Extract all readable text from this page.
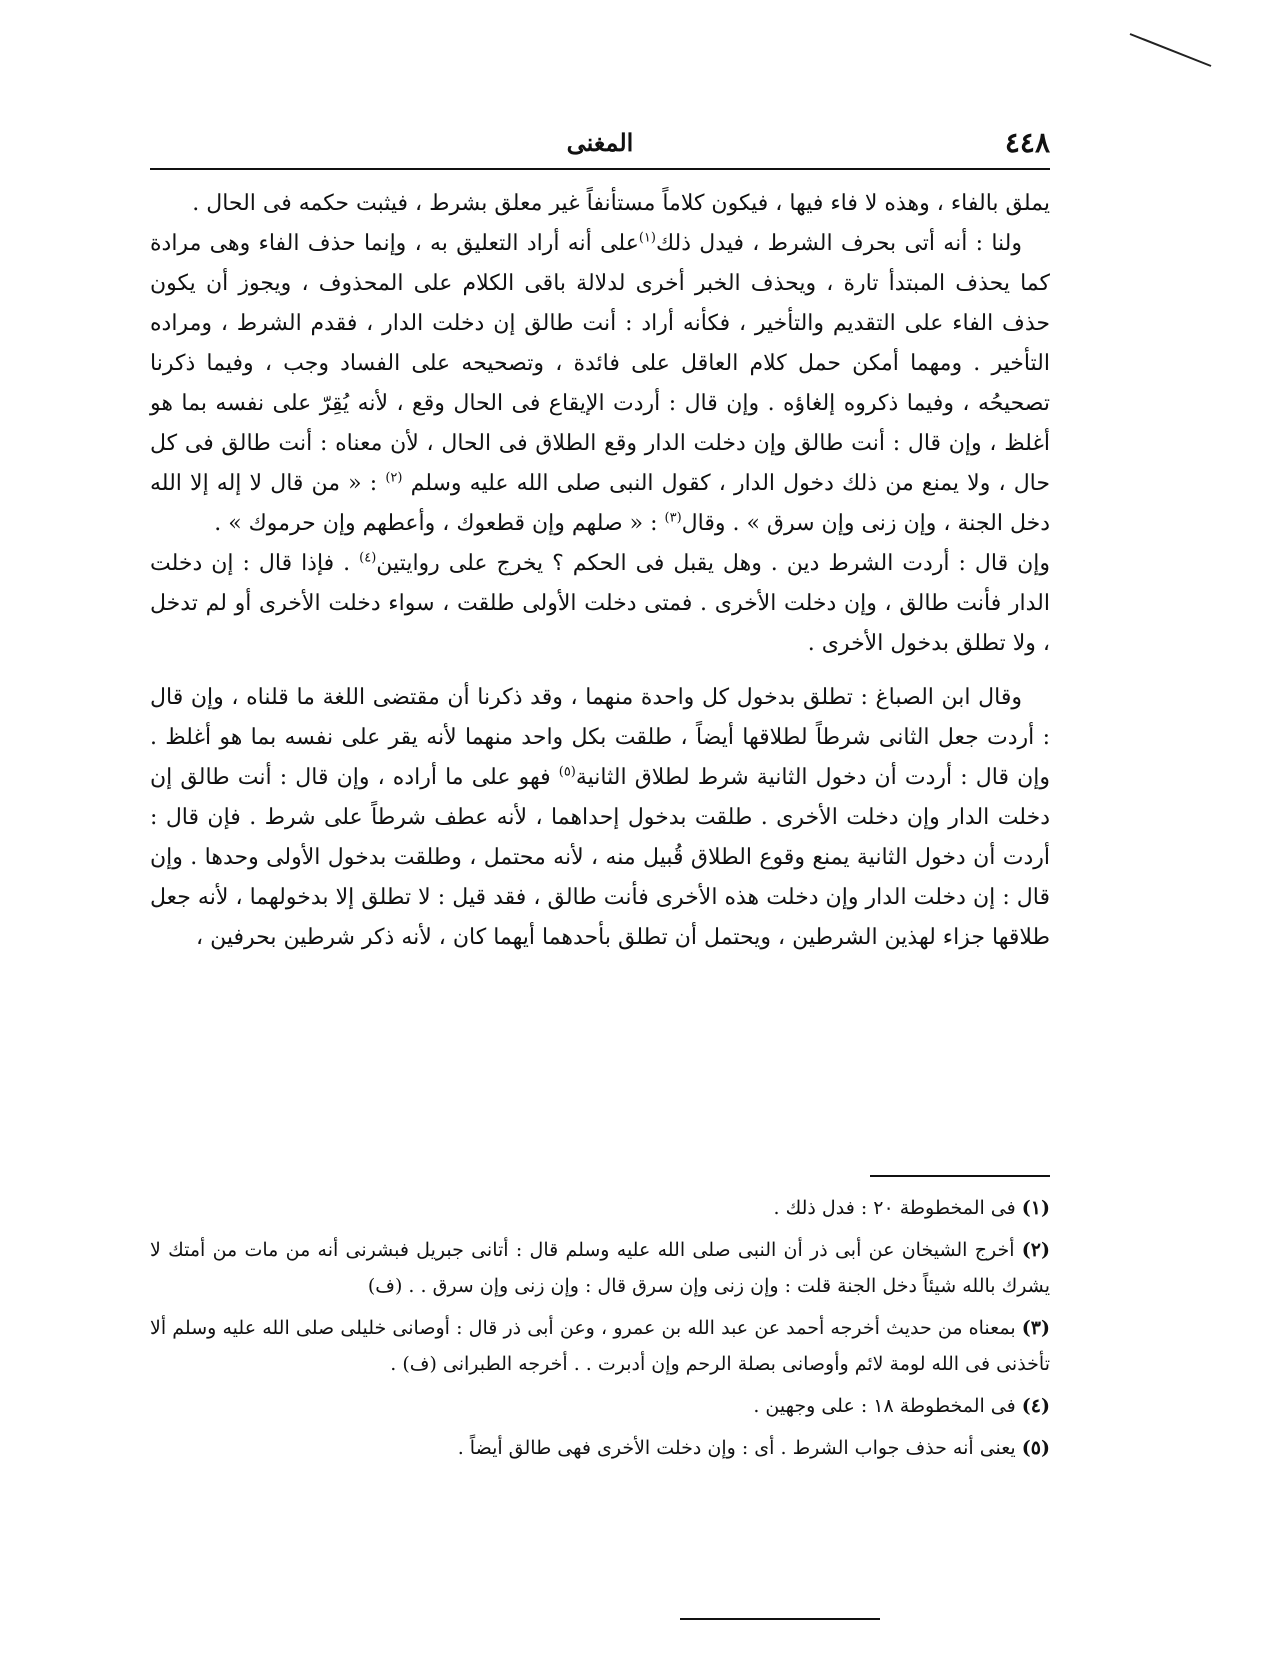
٤٤٨
المغنى

يملق بالفاء ، وهذه لا فاء فيها ، فيكون كلاماً مستأنفاً غير معلق بشرط ، فيثبت حكمه فى الحال .

ولنا : أنه أتى بحرف الشرط ، فيدل ذلك$^{(١)}$على أنه أراد التعليق به ، وإنما حذف الفاء وهى مرادة كما يحذف المبتدأ تارة ، ويحذف الخبر أخرى لدلالة باقى الكلام على المحذوف ، ويجوز أن يكون حذف الفاء على التقديم والتأخير ، فكأنه أراد : أنت طالق إن دخلت الدار ، فقدم الشرط ، ومراده التأخير . ومهما أمكن حمل كلام العاقل على فائدة ، وتصحيحه على الفساد وجب ، وفيما ذكرنا تصحيحُه ، وفيما ذكروه إلغاؤه . وإن قال : أردت الإيقاع فى الحال وقع ، لأنه يُقِرّ على نفسه بما هو أغلظ ، وإن قال : أنت طالق وإن دخلت الدار وقع الطلاق فى الحال ، لأن معناه : أنت طالق فى كل حال ، ولا يمنع من ذلك دخول الدار ، كقول النبى صلى الله عليه وسلم $^{(٢)}$ : « من قال لا إله إلا الله دخل الجنة ، وإن زنى وإن سرق » . وقال$^{(٣)}$ : « صلهم وإن قطعوك ، وأعطهم وإن حرموك » .

وإن قال : أردت الشرط دين . وهل يقبل فى الحكم ؟ يخرج على روايتين$^{(٤)}$ . فإذا قال : إن دخلت الدار فأنت طالق ، وإن دخلت الأخرى . فمتى دخلت الأولى طلقت ، سواء دخلت الأخرى أو لم تدخل ، ولا تطلق بدخول الأخرى .

وقال ابن الصباغ : تطلق بدخول كل واحدة منهما ، وقد ذكرنا أن مقتضى اللغة ما قلناه ، وإن قال : أردت جعل الثانى شرطاً لطلاقها أيضاً ، طلقت بكل واحد منهما لأنه يقر على نفسه بما هو أغلظ . وإن قال : أردت أن دخول الثانية شرط لطلاق الثانية$^{(٥)}$ فهو على ما أراده ، وإن قال : أنت طالق إن دخلت الدار وإن دخلت الأخرى . طلقت بدخول إحداهما ، لأنه عطف شرطاً على شرط . فإن قال : أردت أن دخول الثانية يمنع وقوع الطلاق قُبيل منه ، لأنه محتمل ، وطلقت بدخول الأولى وحدها . وإن قال : إن دخلت الدار وإن دخلت هذه الأخرى فأنت طالق ، فقد قيل : لا تطلق إلا بدخولهما ، لأنه جعل طلاقها جزاء لهذين الشرطين ، ويحتمل أن تطلق بأحدهما أيهما كان ، لأنه ذكر شرطين بحرفين ،

(١) فى المخطوطة ٢٠ : فدل ذلك .

(٢) أخرج الشيخان عن أبى ذر أن النبى صلى الله عليه وسلم قال : أتانى جبريل فبشرنى أنه من مات من أمتك لا يشرك بالله شيئاً دخل الجنة قلت : وإن زنى وإن سرق قال : وإن زنى وإن سرق . . (ف)

(٣) بمعناه من حديث أخرجه أحمد عن عبد الله بن عمرو ، وعن أبى ذر قال : أوصانى خليلى صلى الله عليه وسلم ألا تأخذنى فى الله لومة لائم وأوصانى بصلة الرحم وإن أدبرت . . أخرجه الطبرانى (ف) .

(٤) فى المخطوطة ١٨ : على وجهين .

(٥) يعنى أنه حذف جواب الشرط . أى : وإن دخلت الأخرى فهى طالق أيضاً .
